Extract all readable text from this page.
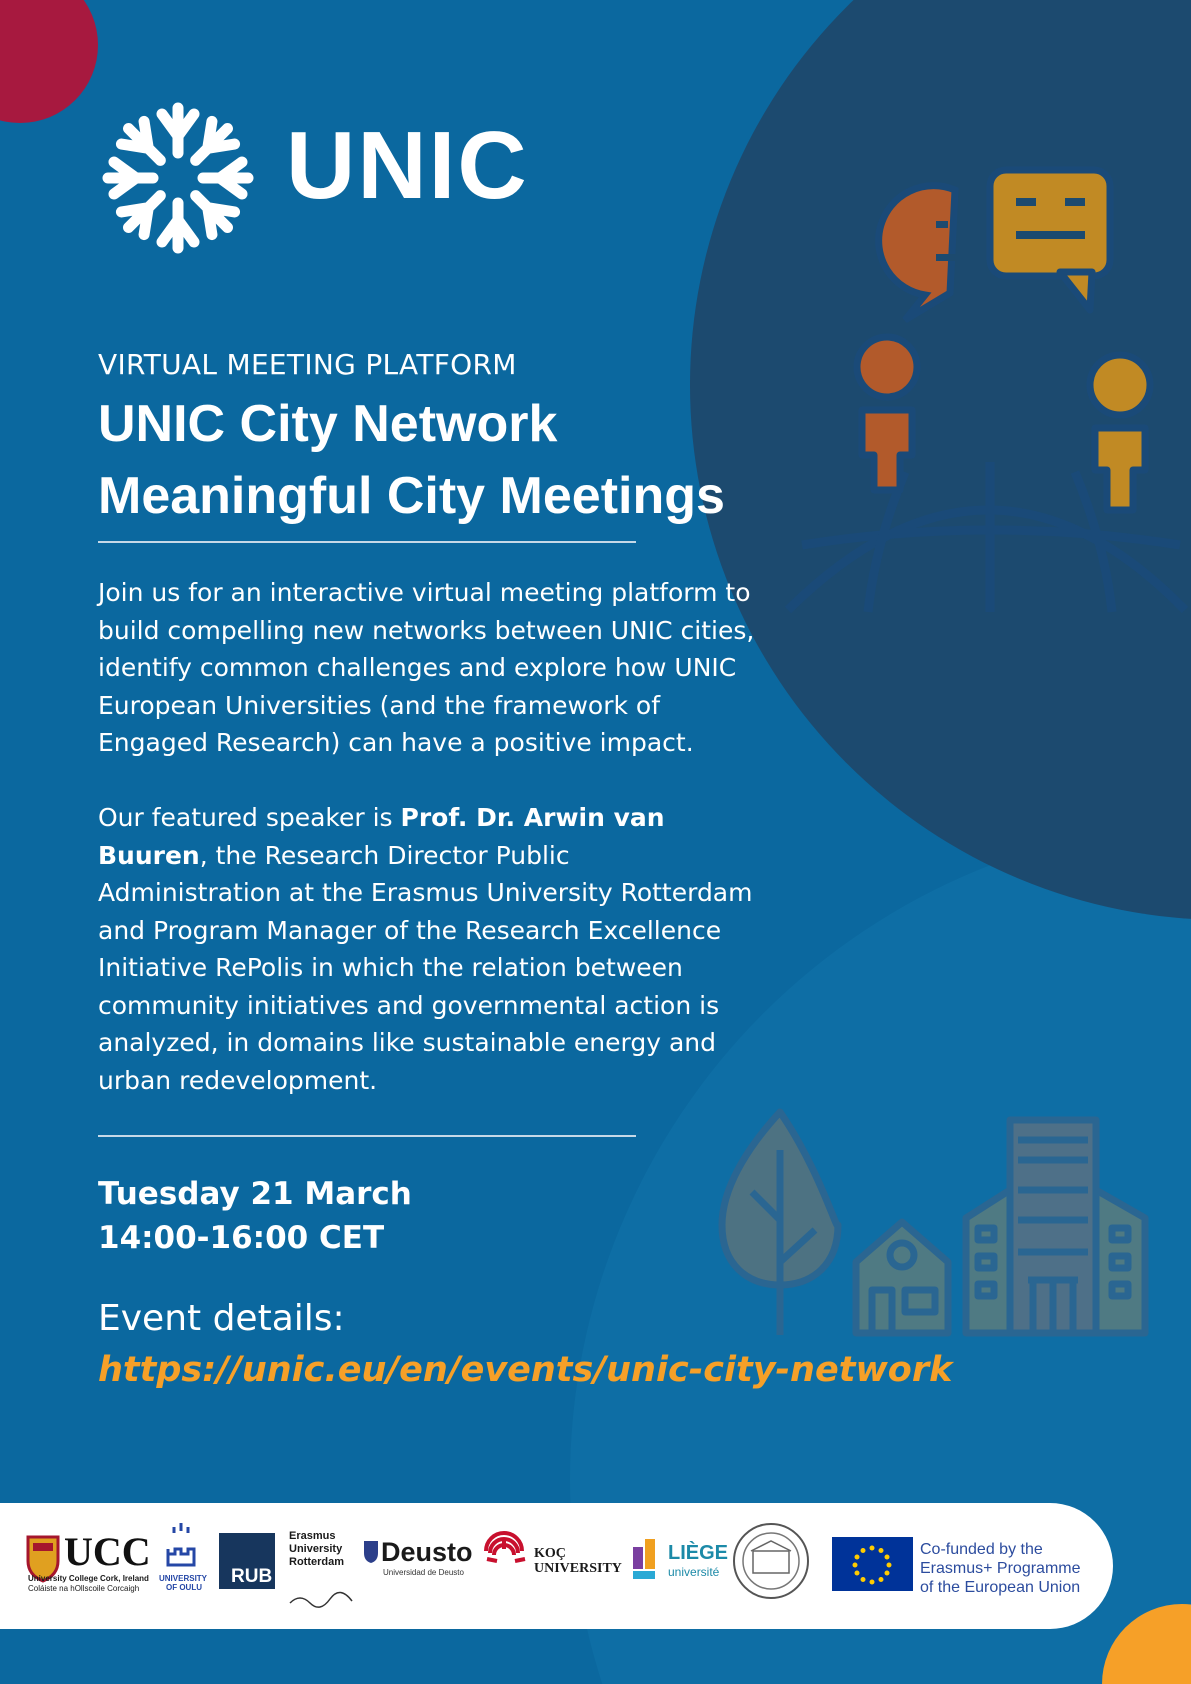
UNIC
VIRTUAL MEETING PLATFORM
UNIC City Network
Meaningful City Meetings
Join us for an interactive virtual meeting platform to build compelling new networks between UNIC cities, identify common challenges and explore how UNIC European Universities (and the framework of Engaged Research) can have a positive impact.
Our featured speaker is Prof. Dr. Arwin van Buuren, the Research Director Public Administration at the Erasmus University Rotterdam and Program Manager of the Research Excellence Initiative RePolis in which the relation between community initiatives and governmental action is analyzed, in domains like sustainable energy and urban redevelopment.
Tuesday 21 March
14:00-16:00 CET
Event details:
https://unic.eu/en/events/unic-city-network
UCC
University College Cork, Ireland
Coláiste na hOllscoile Corcaigh
UNIVERSITY
OF OULU
RUB
Erasmus
University
Rotterdam Deusto
Universidad de Deusto
KOÇ
UNIVERSITY
LIÈGE
université
Co-funded by the
Erasmus+ Programme
of the European Union
